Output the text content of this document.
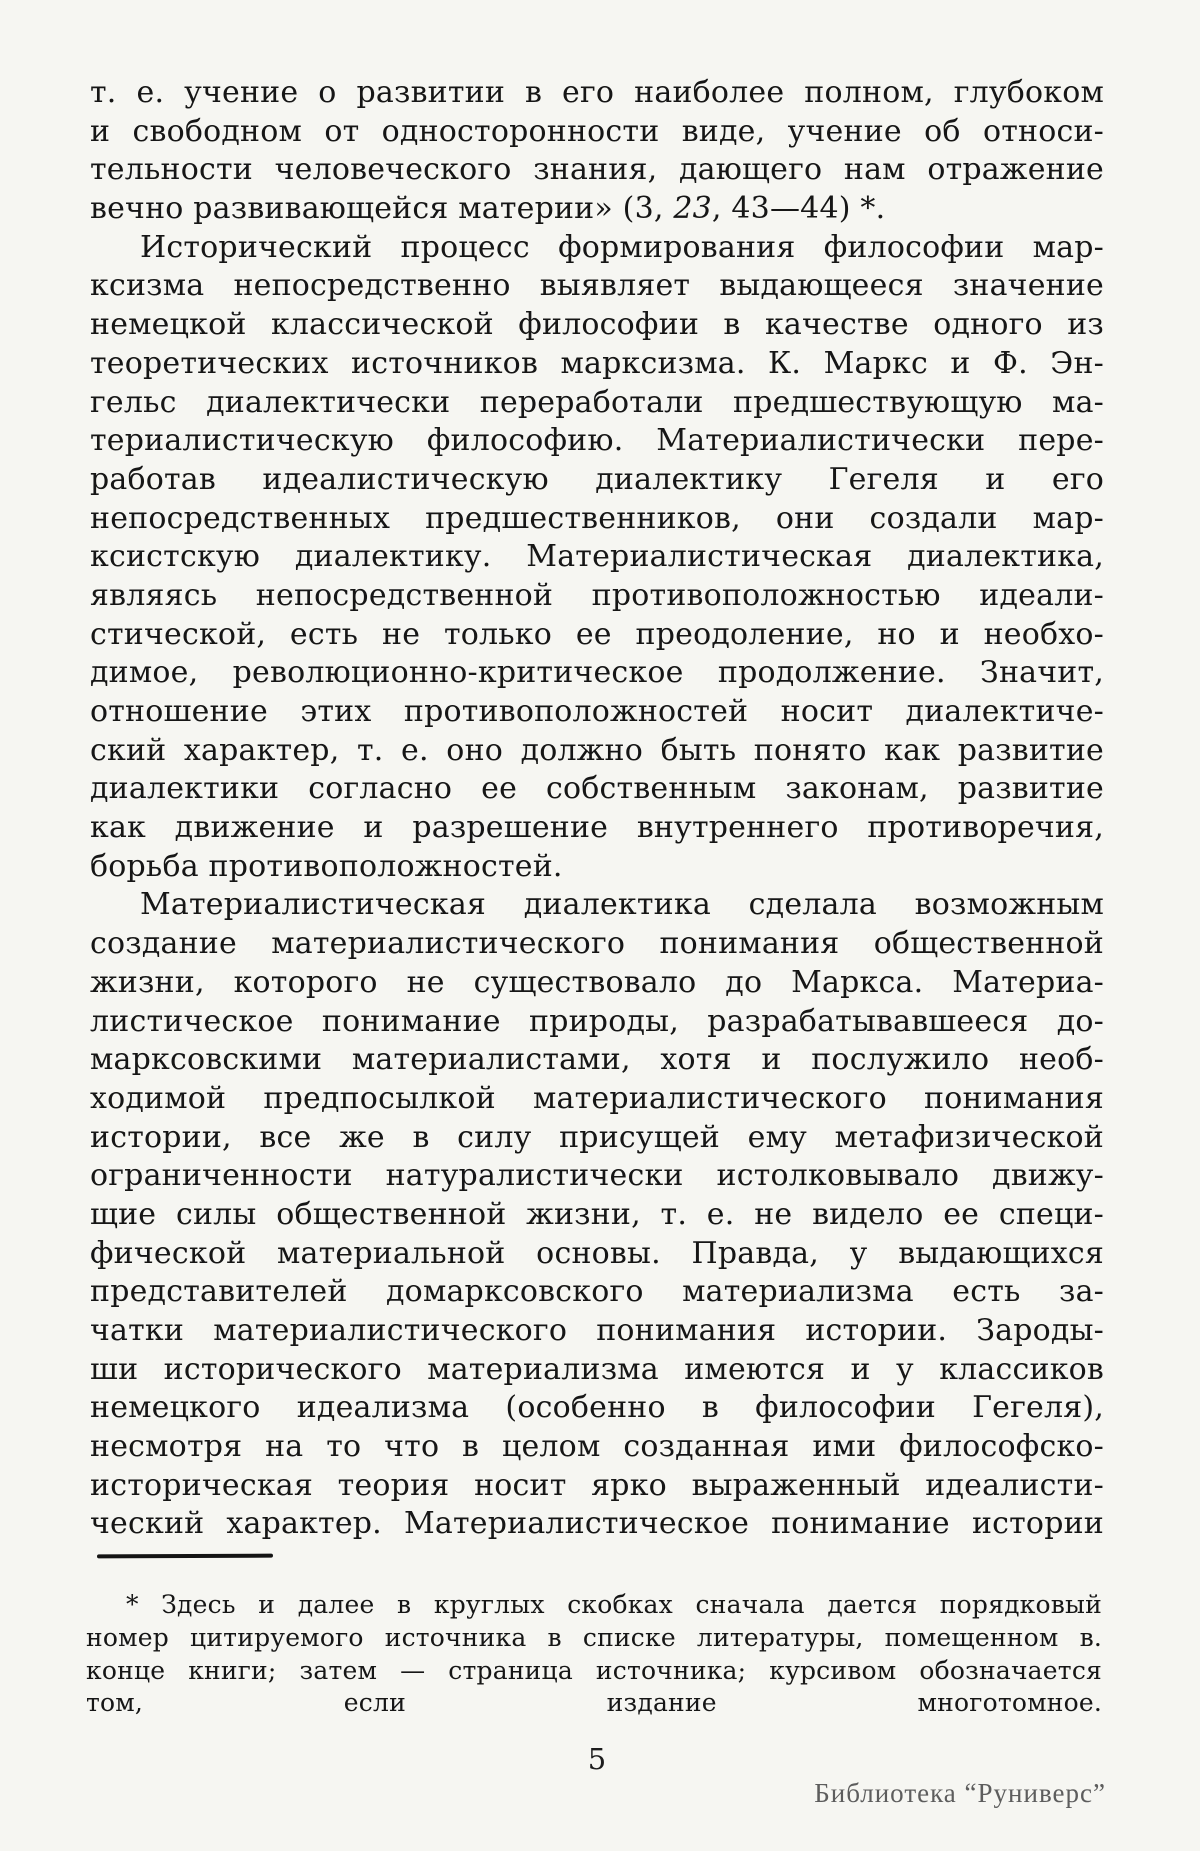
т. е. учение о развитии в его наиболее полном, глубоком
и свободном от односторонности виде, учение об относи-
тельности человеческого знания, дающего нам отражение
вечно развивающейся материи» (3, 23, 43—44) *.
Исторический процесс формирования философии мар-
ксизма непосредственно выявляет выдающееся значение
немецкой классической философии в качестве одного из
теоретических источников марксизма. К. Маркс и Ф. Эн-
гельс диалектически переработали предшествующую ма-
териалистическую философию. Материалистически пере-
работав идеалистическую диалектику Гегеля и его
непосредственных предшественников, они создали мар-
ксистскую диалектику. Материалистическая диалектика,
являясь непосредственной противоположностью идеали-
стической, есть не только ее преодоление, но и необхо-
димое, революционно-критическое продолжение. Значит,
отношение этих противоположностей носит диалектиче-
ский характер, т. е. оно должно быть понято как развитие
диалектики согласно ее собственным законам, развитие
как движение и разрешение внутреннего противоречия,
борьба противоположностей.
Материалистическая диалектика сделала возможным
создание материалистического понимания общественной
жизни, которого не существовало до Маркса. Материа-
листическое понимание природы, разрабатывавшееся до-
марксовскими материалистами, хотя и послужило необ-
ходимой предпосылкой материалистического понимания
истории, все же в силу присущей ему метафизической
ограниченности натуралистически истолковывало движу-
щие силы общественной жизни, т. е. не видело ее специ-
фической материальной основы. Правда, у выдающихся
представителей домарксовского материализма есть за-
чатки материалистического понимания истории. Зароды-
ши исторического материализма имеются и у классиков
немецкого идеализма (особенно в философии Гегеля),
несмотря на то что в целом созданная ими философско-
историческая теория носит ярко выраженный идеалисти-
ческий характер. Материалистическое понимание истории
* Здесь и далее в круглых скобках сначала дается порядковый
номер цитируемого источника в списке литературы, помещенном в.
конце книги; затем — страница источника; курсивом обозначается
том, если издание многотомное.
5
Библиотека “Руниверс”
